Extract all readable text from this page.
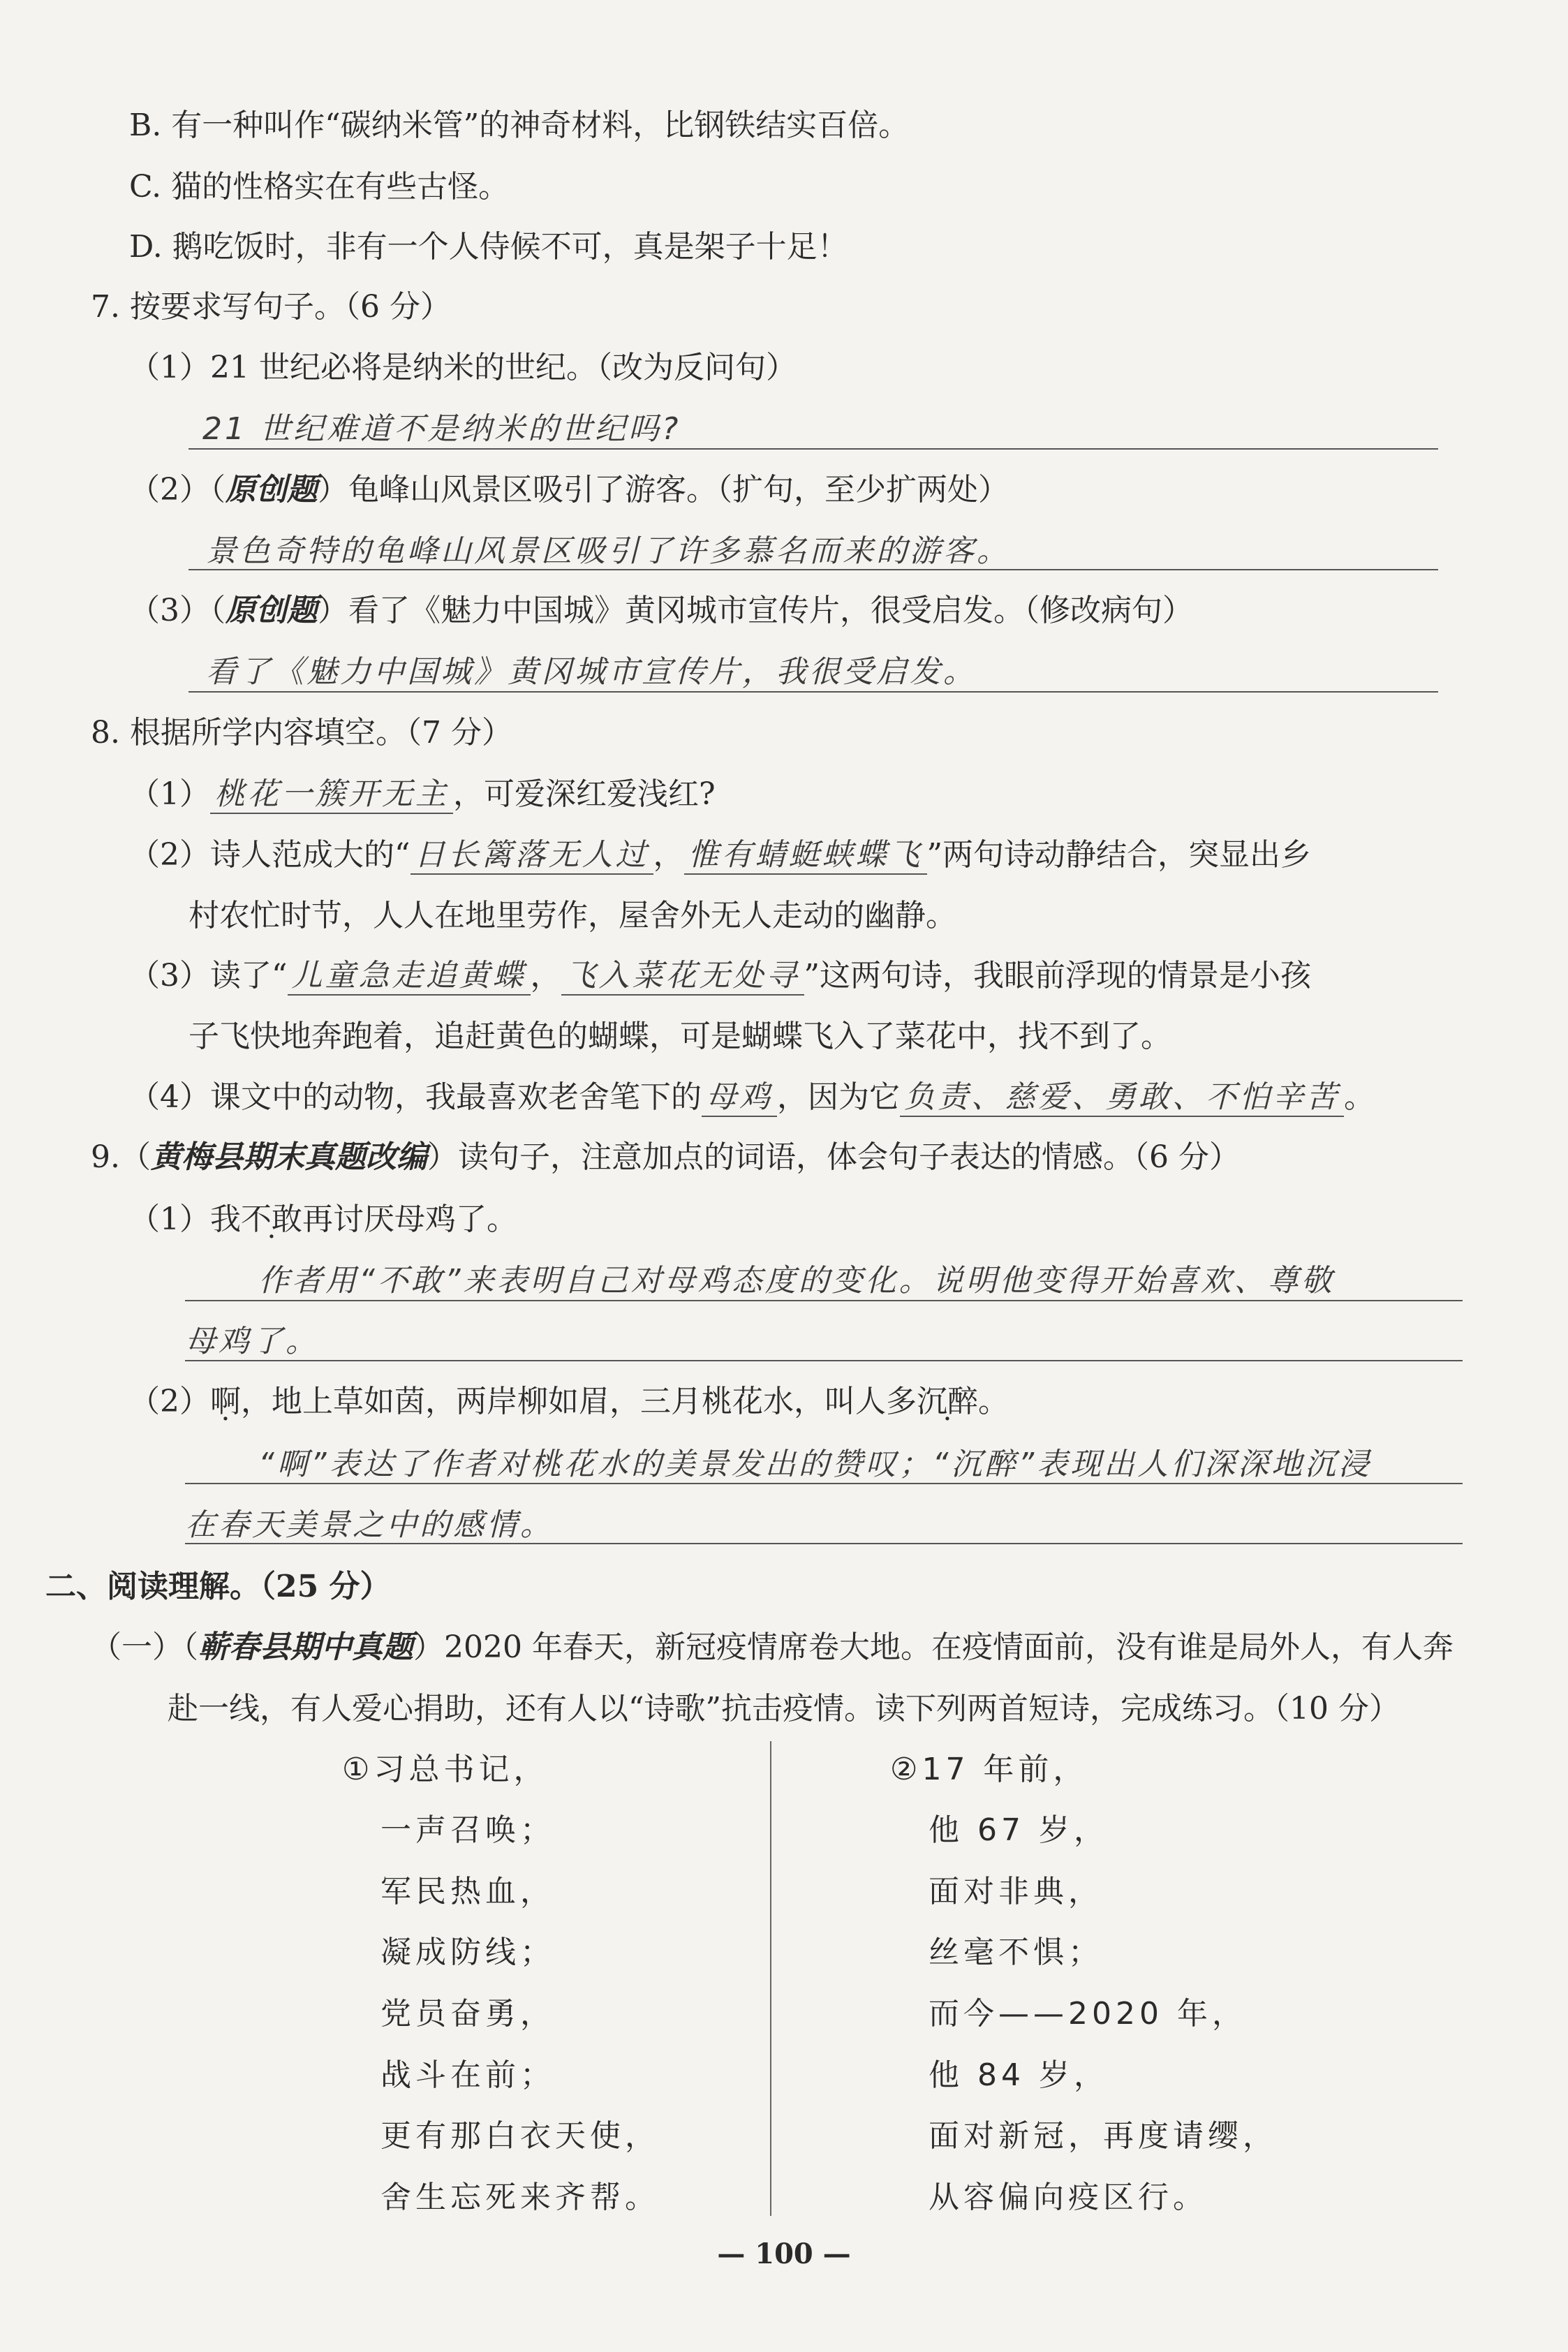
B. 有一种叫作“碳纳米管”的神奇材料，比钢铁结实百倍。
C. 猫的性格实在有些古怪。
D. 鹅吃饭时，非有一个人侍候不可，真是架子十足！
7. 按要求写句子。（6 分）
（1）21 世纪必将是纳米的世纪。（改为反问句）
21 世纪难道不是纳米的世纪吗?
（2）（原创题）龟峰山风景区吸引了游客。（扩句，至少扩两处）
景色奇特的龟峰山风景区吸引了许多慕名而来的游客。
（3）（原创题）看了《魅力中国城》黄冈城市宣传片，很受启发。（修改病句）
看了《魅力中国城》黄冈城市宣传片，我很受启发。
8. 根据所学内容填空。（7 分）
（1） 桃花一簇开无主 ，可爱深红爱浅红?
（2）诗人范成大的“ 日长篱落无人过 ， 惟有蜻蜓蛱蝶飞 ”两句诗动静结合，突显出乡
村农忙时节，人人在地里劳作，屋舍外无人走动的幽静。
（3）读了“ 儿童急走追黄蝶 ， 飞入菜花无处寻 ”这两句诗，我眼前浮现的情景是小孩
子飞快地奔跑着，追赶黄色的蝴蝶，可是蝴蝶飞入了菜花中，找不到了。
（4）课文中的动物，我最喜欢老舍笔下的 母鸡 ，因为它 负责、慈爱、勇敢、不怕辛苦 。
9.（黄梅县期末真题改编）读句子，注意加点的词语，体会句子表达的情感。（6 分）
（1）我不敢再讨厌母鸡了。
作者用“不敢”来表明自己对母鸡态度的变化。说明他变得开始喜欢、尊敬
母鸡了。
（2）啊，地上草如茵，两岸柳如眉，三月桃花水，叫人多沉醉。
“啊”表达了作者对桃花水的美景发出的赞叹；“沉醉”表现出人们深深地沉浸
在春天美景之中的感情。
二、阅读理解。（25 分）
（一）（蕲春县期中真题）2020 年春天，新冠疫情席卷大地。在疫情面前，没有谁是局外人，有人奔
赴一线，有人爱心捐助，还有人以“诗歌”抗击疫情。读下列两首短诗，完成练习。（10 分）
①习总书记，
一声召唤；
军民热血，
凝成防线；
党员奋勇，
战斗在前；
更有那白衣天使，
舍生忘死来齐帮。
②17 年前，
他 67 岁，
面对非典，
丝毫不惧；
而今——2020 年，
他 84 岁，
面对新冠，再度请缨，
从容偏向疫区行。
— 100 —
